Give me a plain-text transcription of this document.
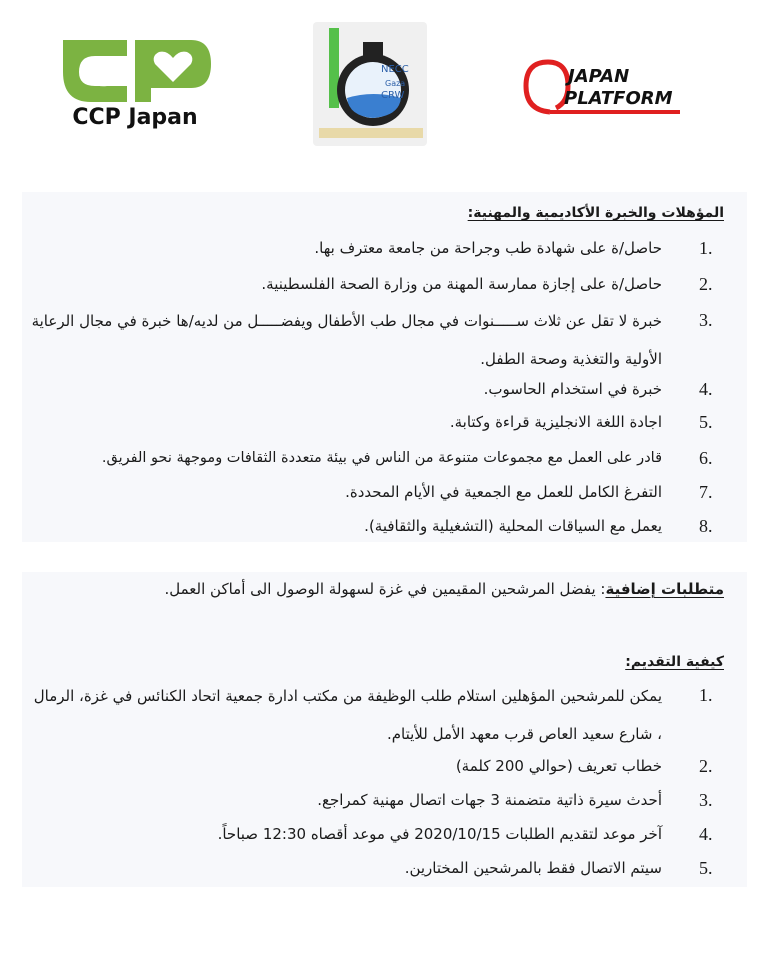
CCP Japan
NECC
Gaza
CRW
JAPAN
PLATFORM
المؤهلات والخبرة الأكاديمية والمهنية:
1.
حاصل/ة على شهادة طب وجراحة من جامعة معترف بها.
2.
حاصل/ة على إجازة ممارسة المهنة من وزارة الصحة الفلسطينية.
3.
خبرة لا تقل عن ثلاث ســـــنوات في مجال طب الأطفال ويفضـــــل من لديه/ها خبرة في مجال الرعاية الأولية والتغذية وصحة الطفل.
4.
خبرة في استخدام الحاسوب.
5.
اجادة اللغة الانجليزية قراءة وكتابة.
6.
قادر على العمل مع مجموعات متنوعة من الناس في بيئة متعددة الثقافات وموجهة نحو الفريق.
7.
التفرغ الكامل للعمل مع الجمعية في الأيام المحددة.
8.
يعمل مع السياقات المحلية (التشغيلية والثقافية).
متطلبات إضافية: يفضل المرشحين المقيمين في غزة لسهولة الوصول الى أماكن العمل.
كيفية التقديم:
1.
يمكن للمرشحين المؤهلين استلام طلب الوظيفة من مكتب ادارة جمعية اتحاد الكنائس في غزة، الرمال ، شارع سعيد العاص قرب معهد الأمل للأيتام.
2.
خطاب تعريف (حوالي 200 كلمة)
3.
أحدث سيرة ذاتية متضمنة 3 جهات اتصال مهنية كمراجع.
4.
آخر موعد لتقديم الطلبات 2020/10/15 في موعد أقصاه 12:30 صباحاً.
5.
سيتم الاتصال فقط بالمرشحين المختارين.
